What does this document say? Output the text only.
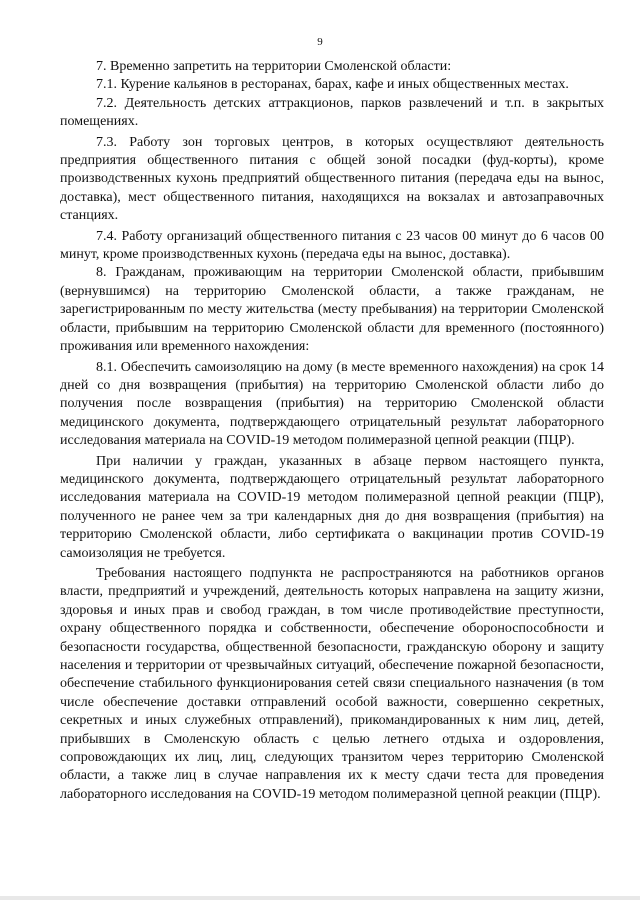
9

7. Временно запретить на территории Смоленской области:

7.1. Курение кальянов в ресторанах, барах, кафе и иных общественных местах.

7.2. Деятельность детских аттракционов, парков развлечений и т.п. в закрытых помещениях.

7.3. Работу зон торговых центров, в которых осуществляют деятельность предприятия общественного питания с общей зоной посадки (фуд-корты), кроме производственных кухонь предприятий общественного питания (передача еды на вынос, доставка), мест общественного питания, находящихся на вокзалах и автозаправочных станциях.

7.4. Работу организаций общественного питания с 23 часов 00 минут до 6 часов 00 минут, кроме производственных кухонь (передача еды на вынос, доставка).

8. Гражданам, проживающим на территории Смоленской области, прибывшим (вернувшимся) на территорию Смоленской области, а также гражданам, не зарегистрированным по месту жительства (месту пребывания) на территории Смоленской области, прибывшим на территорию Смоленской области для временного (постоянного) проживания или временного нахождения:

8.1. Обеспечить самоизоляцию на дому (в месте временного нахождения) на срок 14 дней со дня возвращения (прибытия) на территорию Смоленской области либо до получения после возвращения (прибытия) на территорию Смоленской области медицинского документа, подтверждающего отрицательный результат лабораторного исследования материала на COVID-19 методом полимеразной цепной реакции (ПЦР).

При наличии у граждан, указанных в абзаце первом настоящего пункта, медицинского документа, подтверждающего отрицательный результат лабораторного исследования материала на COVID-19 методом полимеразной цепной реакции (ПЦР), полученного не ранее чем за три календарных дня до дня возвращения (прибытия) на территорию Смоленской области, либо сертификата о вакцинации против COVID-19 самоизоляция не требуется.

Требования настоящего подпункта не распространяются на работников органов власти, предприятий и учреждений, деятельность которых направлена на защиту жизни, здоровья и иных прав и свобод граждан, в том числе противодействие преступности, охрану общественного порядка и собственности, обеспечение обороноспособности и безопасности государства, общественной безопасности, гражданскую оборону и защиту населения и территории от чрезвычайных ситуаций, обеспечение пожарной безопасности, обеспечение стабильного функционирования сетей связи специального назначения (в том числе обеспечение доставки отправлений особой важности, совершенно секретных, секретных и иных служебных отправлений), прикомандированных к ним лиц, детей, прибывших в Смоленскую область с целью летнего отдыха и оздоровления, сопровождающих их лиц, лиц, следующих транзитом через территорию Смоленской области, а также лиц в случае направления их к месту сдачи теста для проведения лабораторного исследования на COVID-19 методом полимеразной цепной реакции (ПЦР).
